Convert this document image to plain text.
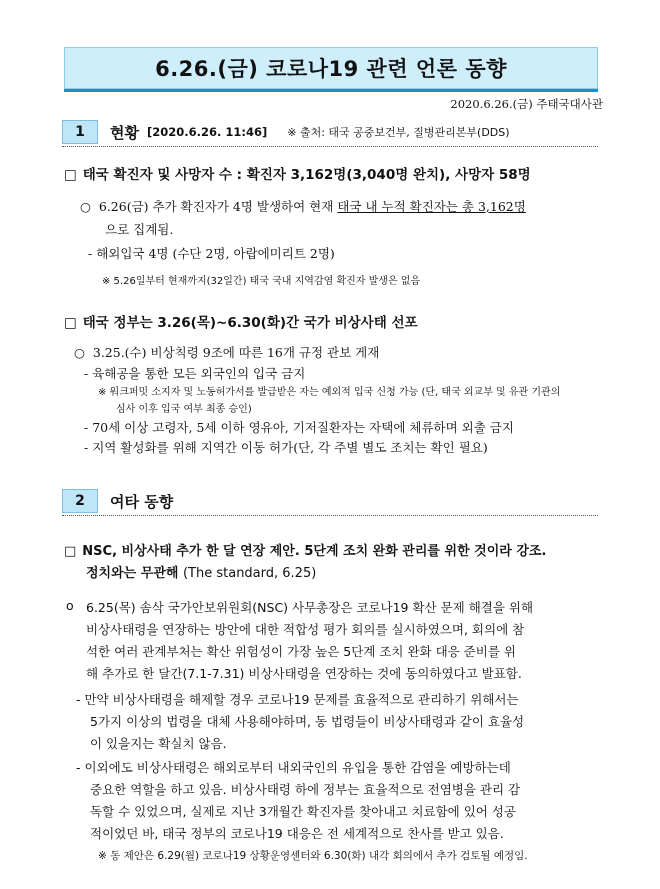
6.26.(금) 코로나19 관련 언론 동향
2020.6.26.(금) 주태국대사관
1	현황 [2020.6.26. 11:46] ※ 출처: 태국 공중보건부, 질병관리본부(DDS)
□ 태국 확진자 및 사망자 수 : 확진자 3,162명(3,040명 완치), 사망자 58명
○ 6.26(금) 추가 확진자가 4명 발생하여 현재 태국 내 누적 확진자는 총 3,162명
으로 집계됨.
- 해외입국 4명 (수단 2명, 아랍에미리트 2명)
※ 5.26일부터 현재까지(32일간) 태국 국내 지역감염 확진자 발생은 없음
□ 태국 정부는 3.26(목)~6.30(화)간 국가 비상사태 선포
○ 3.25.(수) 비상칙령 9조에 따른 16개 규정 관보 게재
- 육해공을 통한 모든 외국인의 입국 금지
※ 워크퍼밋 소지자 및 노동허가서를 발급받은 자는 예외적 입국 신청 가능 (단, 태국 외교부 및 유관 기관의
심사 이후 입국 여부 최종 승인)
- 70세 이상 고령자, 5세 이하 영유아, 기저질환자는 자택에 체류하며 외출 금지
- 지역 활성화를 위해 지역간 이동 허가(단, 각 주별 별도 조치는 확인 필요)
2	여타 동향
□ NSC, 비상사태 추가 한 달 연장 제안. 5단계 조치 완화 관리를 위한 것이라 강조.
정치와는 무관해 (The standard, 6.25)
o 6.25(목) 솜삭 국가안보위원회(NSC) 사무총장은 코로나19 확산 문제 해결을 위해
비상사태령을 연장하는 방안에 대한 적합성 평가 회의를 실시하였으며, 회의에 참
석한 여러 관계부처는 확산 위험성이 가장 높은 5단계 조치 완화 대응 준비를 위
해 추가로 한 달간(7.1-7.31) 비상사태령을 연장하는 것에 동의하였다고 발표함.
- 만약 비상사태령을 해제할 경우 코로나19 문제를 효율적으로 관리하기 위해서는
5가지 이상의 법령을 대체 사용해야하며, 동 법령들이 비상사태령과 같이 효율성
이 있을지는 확실치 않음.
- 이외에도 비상사태령은 해외로부터 내외국인의 유입을 통한 감염을 예방하는데
중요한 역할을 하고 있음. 비상사태령 하에 정부는 효율적으로 전염병을 관리 감
독할 수 있었으며, 실제로 지난 3개월간 확진자를 찾아내고 치료함에 있어 성공
적이었던 바, 태국 정부의 코로나19 대응은 전 세계적으로 찬사를 받고 있음.
※ 동 제안은 6.29(월) 코로나19 상황운영센터와 6.30(화) 내각 회의에서 추가 검토될 예정임.
